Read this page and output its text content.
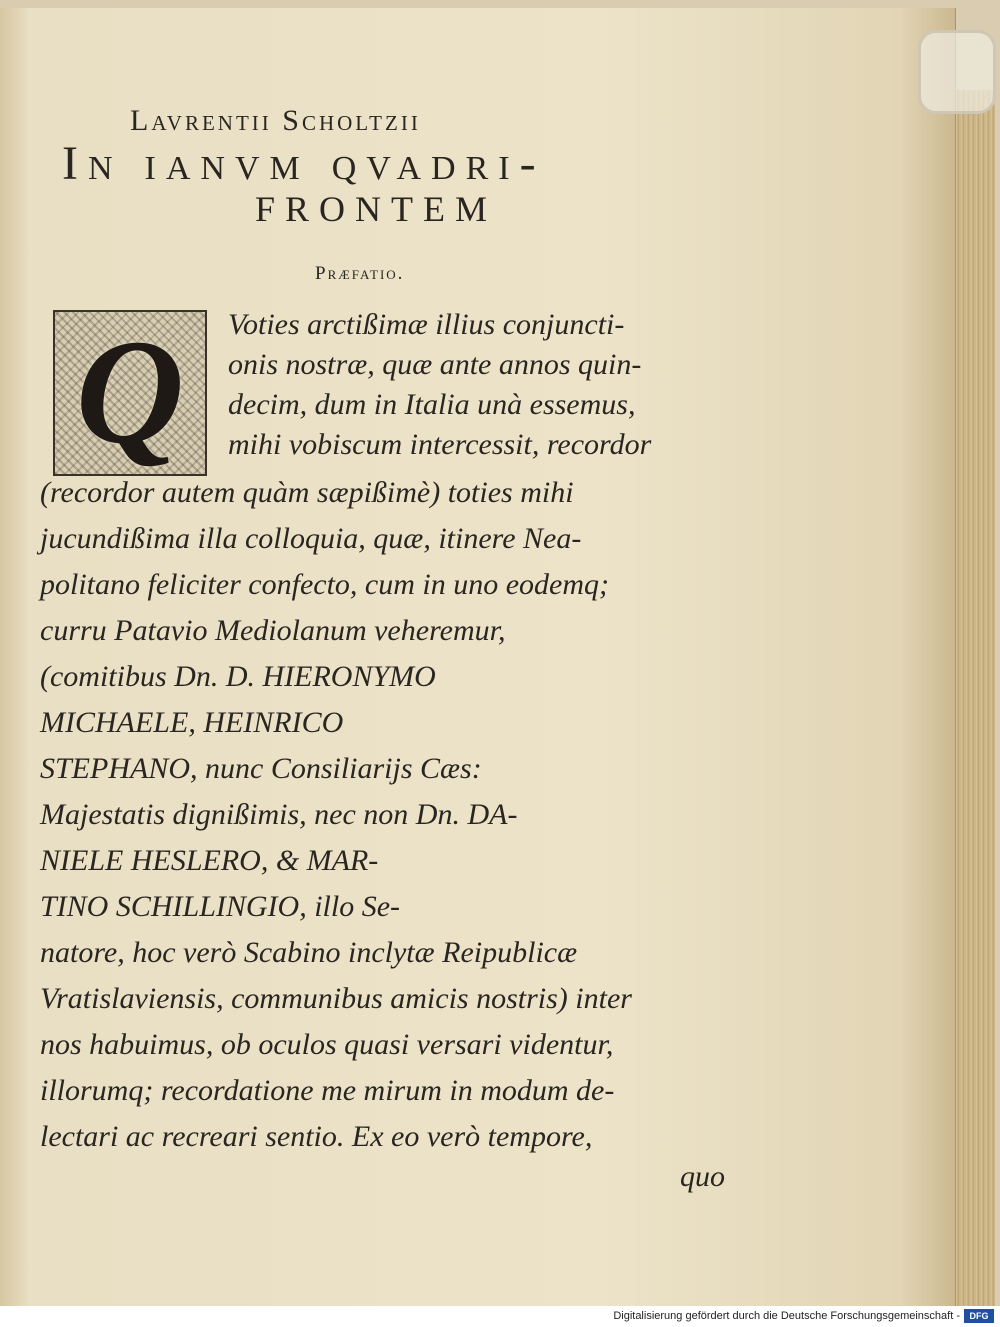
Lavrentii Scholtzii
In ianvm qvadri-
FRONTEM
Præfatio.
Q	Voties arctißimæ illius conjuncti-
onis nostræ, quæ ante annos quin-
decim, dum in Italia unà essemus,
mihi vobiscum intercessit, recordor
(recordor autem quàm sæpißimè) toties mihi
jucundißima illa colloquia, quæ, itinere Nea-
politano feliciter confecto, cum in uno eodemq;
curru Patavio Mediolanum veheremur,
(comitibus Dn. D. HIERONYMO
MICHAELE, HEINRICO
STEPHANO, nunc Consiliarijs Cæs:
Majestatis dignißimis, nec non Dn. DA-
NIELE HESLERO, & MAR-
TINO SCHILLINGIO, illo Se-
natore, hoc verò Scabino inclytæ Reipublicæ
Vratislaviensis, communibus amicis nostris) inter
nos habuimus, ob oculos quasi versari videntur,
illorumq; recordatione me mirum in modum de-
lectari ac recreari sentio. Ex eo verò tempore,
quo
Digitalisierung gefördert durch die Deutsche Forschungsgemeinschaft -	DFG
